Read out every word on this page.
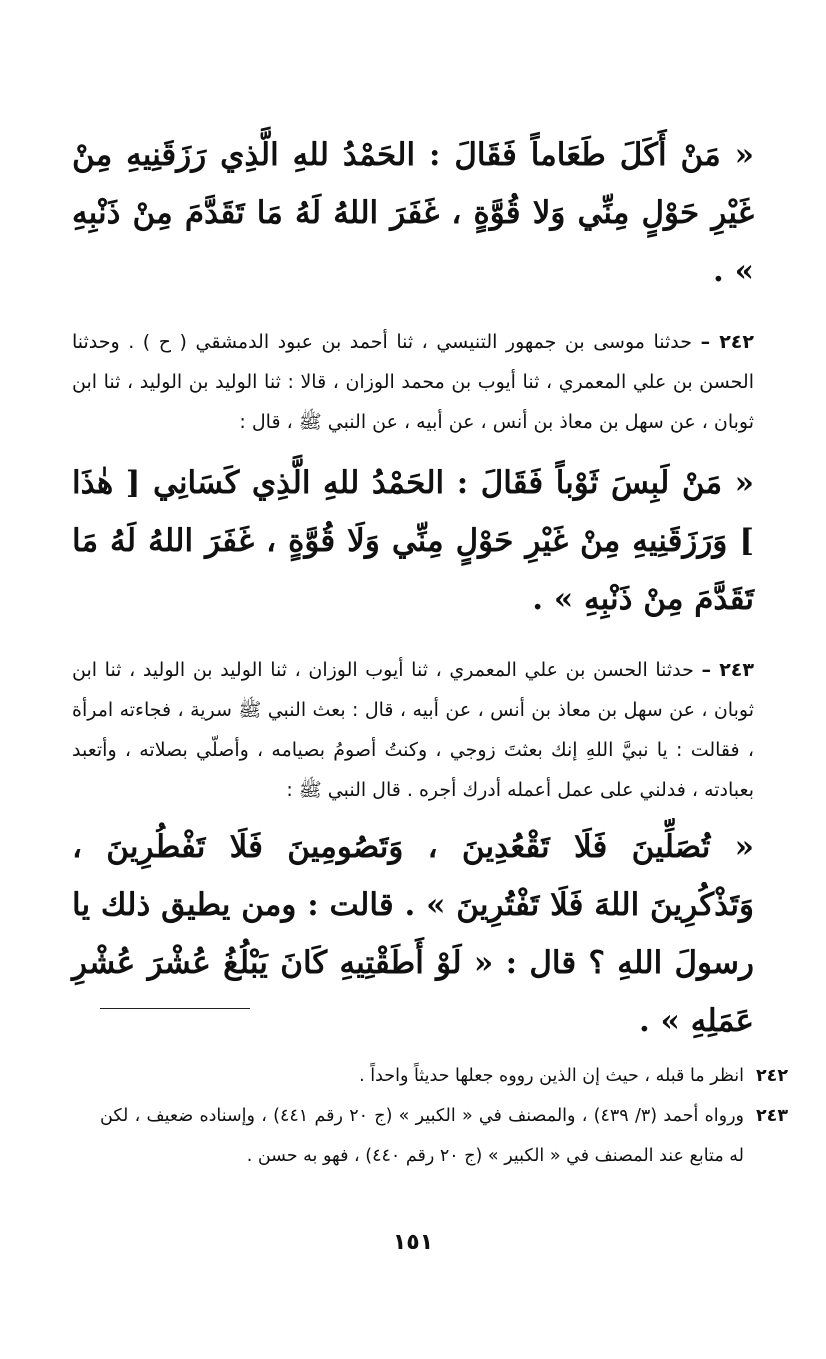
« مَنْ أَكَلَ طَعَاماً فَقَالَ : الحَمْدُ للهِ الَّذِي رَزَقَنِيهِ مِنْ غَيْرِ حَوْلٍ مِنِّي وَلا قُوَّةٍ ، غَفَرَ اللهُ لَهُ مَا تَقَدَّمَ مِنْ ذَنْبِهِ » .

٢٤٢ – حدثنا موسى بن جمهور التنيسي ، ثنا أحمد بن عبود الدمشقي ( ح ) . وحدثنا الحسن بن علي المعمري ، ثنا أيوب بن محمد الوزان ، قالا : ثنا الوليد بن الوليد ، ثنا ابن ثوبان ، عن سهل بن معاذ بن أنس ، عن أبيه ، عن النبي ﷺ ، قال :

« مَنْ لَبِسَ ثَوْباً فَقَالَ : الحَمْدُ للهِ الَّذِي كَسَانِي [ هٰذَا ] وَرَزَقَنِيهِ مِنْ غَيْرِ حَوْلٍ مِنِّي وَلَا قُوَّةٍ ، غَفَرَ اللهُ لَهُ مَا تَقَدَّمَ مِنْ ذَنْبِهِ » .

٢٤٣ – حدثنا الحسن بن علي المعمري ، ثنا أيوب الوزان ، ثنا الوليد بن الوليد ، ثنا ابن ثوبان ، عن سهل بن معاذ بن أنس ، عن أبيه ، قال : بعث النبي ﷺ سرية ، فجاءته امرأة ، فقالت : يا نبيَّ اللهِ إنك بعثتَ زوجي ، وكنتُ أصومُ بصيامه ، وأصلّي بصلاته ، وأتعبد بعبادته ، فدلني على عمل أعمله أدرك أجره . قال النبي ﷺ :

« تُصَلِّينَ فَلَا تَقْعُدِينَ ، وَتَصُومِينَ فَلَا تَفْطُرِينَ ، وَتَذْكُرِينَ اللهَ فَلَا تَفْتُرِينَ » . قالت : ومن يطيق ذلك يا رسولَ اللهِ ؟ قال : « لَوْ أَطَقْتِيهِ كَانَ يَبْلُغُ عُشْرَ عُشْرِ عَمَلِهِ » .

٢٤٢
انظر ما قبله ، حيث إن الذين رووه جعلها حديثاً واحداً .
٢٤٣
ورواه أحمد (٣/ ٤٣٩) ، والمصنف في « الكبير » (ج ٢٠ رقم ٤٤١) ، وإسناده ضعيف ، لكن له متابع عند المصنف في « الكبير » (ج ٢٠ رقم ٤٤٠) ، فهو به حسن .
١٥١
